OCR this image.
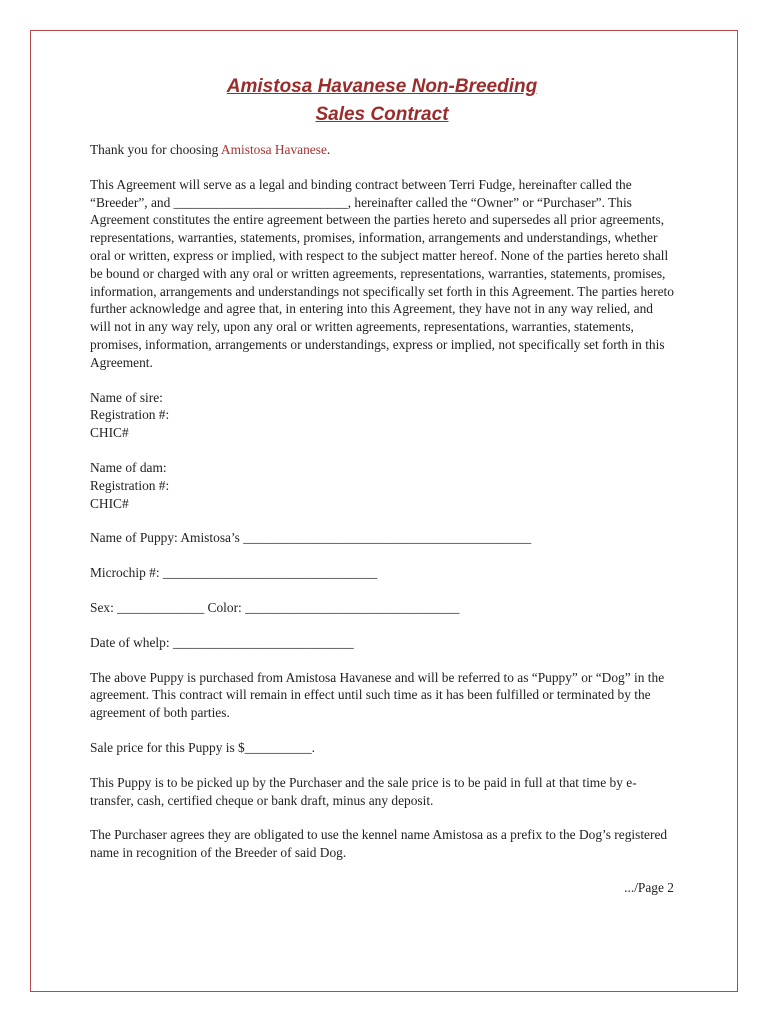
Amistosa Havanese Non-Breeding
Sales Contract

Thank you for choosing Amistosa Havanese.

This Agreement will serve as a legal and binding contract between Terri Fudge, hereinafter called the “Breeder”, and __________________________, hereinafter called the “Owner” or “Purchaser”. This Agreement constitutes the entire agreement between the parties hereto and supersedes all prior agreements, representations, warranties, statements, promises, information, arrangements and understandings, whether oral or written, express or implied, with respect to the subject matter hereof. None of the parties hereto shall be bound or charged with any oral or written agreements, representations, warranties, statements, promises, information, arrangements and understandings not specifically set forth in this Agreement. The parties hereto further acknowledge and agree that, in entering into this Agreement, they have not in any way relied, and will not in any way rely, upon any oral or written agreements, representations, warranties, statements, promises, information, arrangements or understandings, express or implied, not specifically set forth in this Agreement.

Name of sire:

Registration #:

CHIC#

Name of dam:

Registration #:

CHIC#

Name of Puppy: Amistosa’s ___________________________________________

Microchip #: ________________________________

Sex: _____________ Color: ________________________________

Date of whelp: ___________________________

The above Puppy is purchased from Amistosa Havanese and will be referred to as “Puppy” or “Dog” in the agreement. This contract will remain in effect until such time as it has been fulfilled or terminated by the agreement of both parties.

Sale price for this Puppy is $__________.

This Puppy is to be picked up by the Purchaser and the sale price is to be paid in full at that time by e-transfer, cash, certified cheque or bank draft, minus any deposit.

The Purchaser agrees they are obligated to use the kennel name Amistosa as a prefix to the Dog’s registered name in recognition of the Breeder of said Dog.

.../Page 2
